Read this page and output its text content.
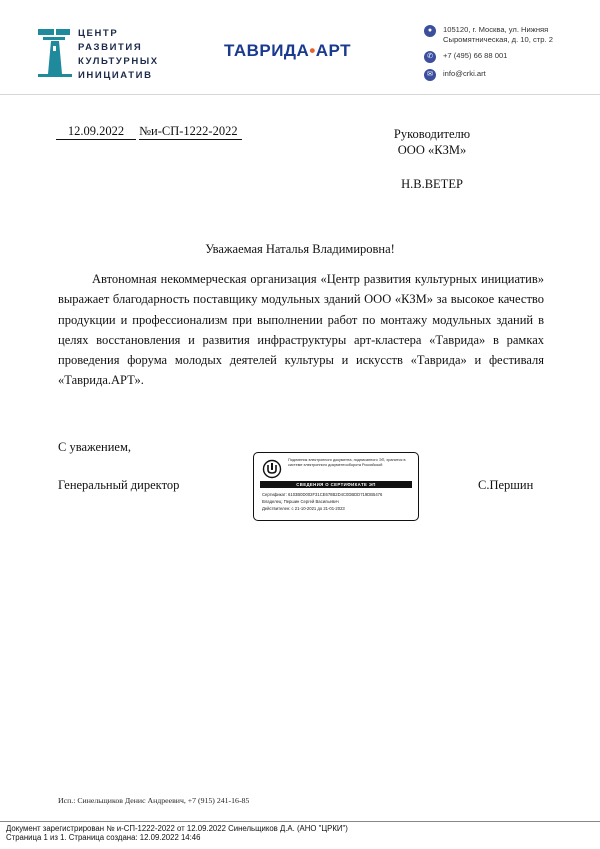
ЦЕНТР
РАЗВИТИЯ
КУЛЬТУРНЫХ
ИНИЦИАТИВ
ТАВРИДА•АРТ
●	105120, г. Москва, ул. Нижняя
Сыромятническая, д. 10, стр. 2
✆	+7 (495) 66 88 001
✉	info@crki.art
12.09.2022 №и-СП-1222-2022	Руководителю
ООО «КЗМ»
Н.В.ВЕТЕР
Уважаемая Наталья Владимировна!
Автономная некоммерческая организация «Центр развития культурных инициатив» выражает благодарность поставщику модульных зданий ООО «КЗМ» за высокое качество продукции и профессионализм при выполнении работ по монтажу модульных зданий в целях восстановления и развития инфраструктуры арт-кластера «Таврида» в рамках проведения форума молодых деятелей культуры и искусств «Таврида» и фестиваля «Таврида.АРТ».
С уважением,
Генеральный директор	С.Першин
Подлинник электронного документа, подписанного ЭП, хранится в системе электронного документооборота Российской
СВЕДЕНИЯ О СЕРТИФИКАТЕ ЭП
Сертификат: 6103B0D002F31CE678B2D4C0DBDD719DB5476
Владелец: Першин Сергей Васильевич
Действителен: с 21-10-2021 до 21-01-2023
Исп.: Синельщиков Денис Андреевич, +7 (915) 241-16-85
Документ зарегистрирован № и-СП-1222-2022 от 12.09.2022 Синельщиков Д.А. (АНО "ЦРКИ")
Страница 1 из 1. Страница создана: 12.09.2022 14:46
